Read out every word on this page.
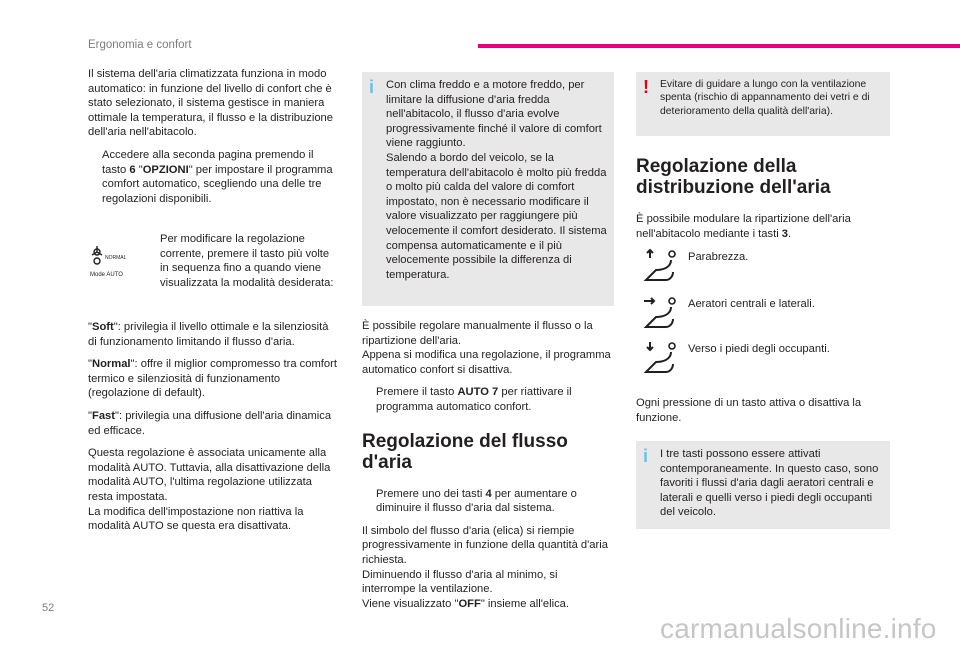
Ergonomia e confort

Il sistema dell'aria climatizzata funziona in modo automatico: in funzione del livello di confort che è stato selezionato, il sistema gestisce in maniera ottimale la temperatura, il flusso e la distribuzione dell'aria nell'abitacolo.

Accedere alla seconda pagina premendo il tasto 6 "OPZIONI" per impostare il programma comfort automatico, scegliendo una delle tre regolazioni disponibili.
NORMAL
Mode AUTO
Per modificare la regolazione corrente, premere il tasto più volte in sequenza fino a quando viene visualizzata la modalità desiderata:

"Soft": privilegia il livello ottimale e la silenziosità di funzionamento limitando il flusso d'aria.

"Normal": offre il miglior compromesso tra comfort termico e silenziosità di funzionamento (regolazione di default).

"Fast": privilegia una diffusione dell'aria dinamica ed efficace.

Questa regolazione è associata unicamente alla modalità AUTO. Tuttavia, alla disattivazione della modalità AUTO, l'ultima regolazione utilizzata resta impostata.

La modifica dell'impostazione non riattiva la modalità AUTO se questa era disattivata.

i	Con clima freddo e a motore freddo, per limitare la diffusione d'aria fredda nell'abitacolo, il flusso d'aria evolve progressivamente finché il valore di comfort viene raggiunto.

Salendo a bordo del veicolo, se la temperatura dell'abitacolo è molto più fredda o molto più calda del valore di comfort impostato, non è necessario modificare il valore visualizzato per raggiungere più velocemente il comfort desiderato. Il sistema compensa automaticamente e il più velocemente possibile la differenza di temperatura.

È possibile regolare manualmente il flusso o la ripartizione dell'aria.

Appena si modifica una regolazione, il programma automatico confort si disattiva.

Premere il tasto AUTO 7 per riattivare il programma automatico confort.
Regolazione del flusso d'aria
Premere uno dei tasti 4 per aumentare o diminuire il flusso d'aria dal sistema.

Il simbolo del flusso d'aria (elica) si riempie progressivamente in funzione della quantità d'aria richiesta.

Diminuendo il flusso d'aria al minimo, si interrompe la ventilazione.

Viene visualizzato "OFF" insieme all'elica.

!	Evitare di guidare a lungo con la ventilazione spenta (rischio di appannamento dei vetri e di deterioramento della qualità dell'aria).

Regolazione della distribuzione dell'aria

È possibile modulare la ripartizione dell'aria nell'abitacolo mediante i tasti 3.

Parabrezza.
Aeratori centrali e laterali.
Verso i piedi degli occupanti.

Ogni pressione di un tasto attiva o disattiva la funzione.

i	I tre tasti possono essere attivati contemporaneamente. In questo caso, sono favoriti i flussi d'aria dagli aeratori centrali e laterali e quelli verso i piedi degli occupanti del veicolo.

52
carmanualsonline.info
